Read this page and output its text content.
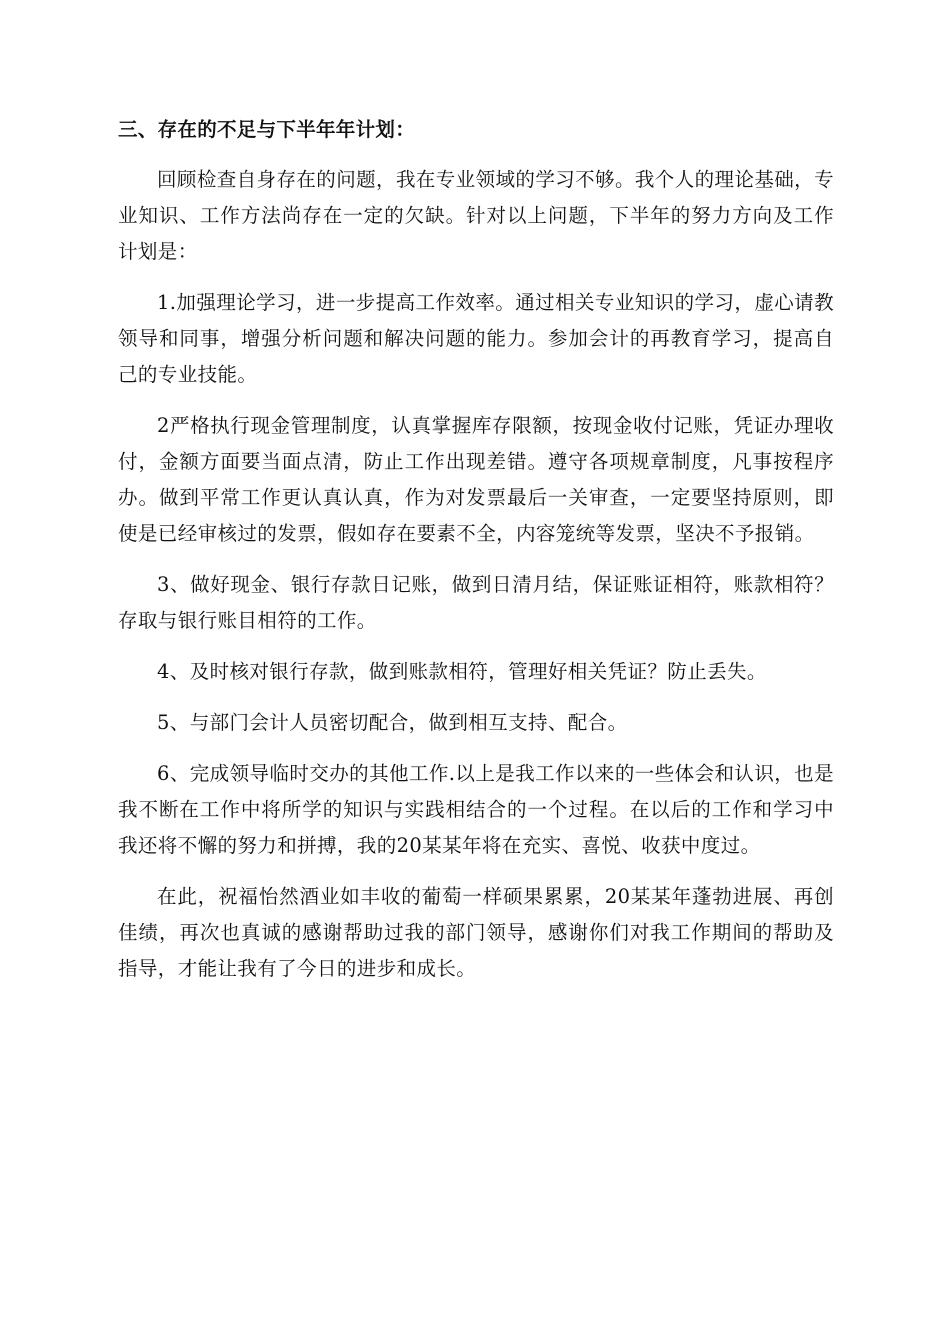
三、存在的不足与下半年年计划：

回顾检查自身存在的问题，我在专业领域的学习不够。我个人的理论基础，专业知识、工作方法尚存在一定的欠缺。针对以上问题，下半年的努力方向及工作计划是：

1.加强理论学习，进一步提高工作效率。通过相关专业知识的学习，虚心请教领导和同事，增强分析问题和解决问题的能力。参加会计的再教育学习，提高自己的专业技能。

2严格执行现金管理制度，认真掌握库存限额，按现金收付记账，凭证办理收付，金额方面要当面点清，防止工作出现差错。遵守各项规章制度，凡事按程序办。做到平常工作更认真认真，作为对发票最后一关审查，一定要坚持原则，即使是已经审核过的发票，假如存在要素不全，内容笼统等发票，坚决不予报销。

3、做好现金、银行存款日记账，做到日清月结，保证账证相符，账款相符？存取与银行账目相符的工作。

4、及时核对银行存款，做到账款相符，管理好相关凭证？防止丢失。

5、与部门会计人员密切配合，做到相互支持、配合。

6、完成领导临时交办的其他工作.以上是我工作以来的一些体会和认识，也是我不断在工作中将所学的知识与实践相结合的一个过程。在以后的工作和学习中我还将不懈的努力和拼搏，我的20某某年将在充实、喜悦、收获中度过。

在此，祝福怡然酒业如丰收的葡萄一样硕果累累，20某某年蓬勃进展、再创佳绩，再次也真诚的感谢帮助过我的部门领导，感谢你们对我工作期间的帮助及指导，才能让我有了今日的进步和成长。
